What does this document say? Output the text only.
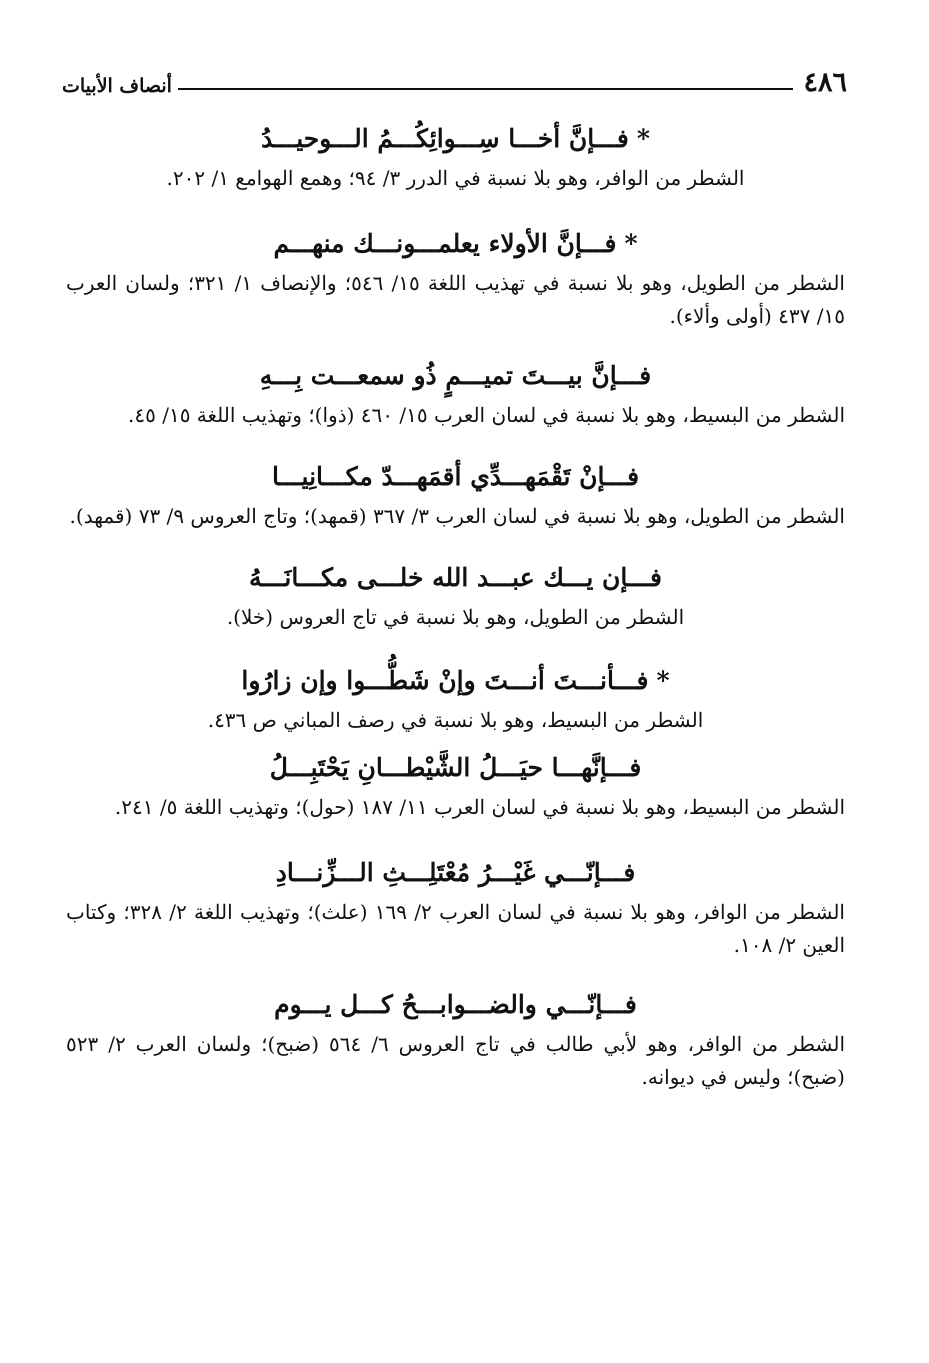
٤٨٦
أنصاف الأبيات

*فـــإنَّ أخـــا سِـــوائِكُـــمُ الـــوحيـــدُ

الشطر من الوافر، وهو بلا نسبة في الدرر ٣/ ٩٤؛ وهمع الهوامع ١/ ٢٠٢.

*فـــإنَّ الأولاء يعلمـــونـــك منهـــم

الشطر من الطويل، وهو بلا نسبة في تهذيب اللغة ١٥/ ٥٤٦؛ والإنصاف ١/ ٣٢١؛ ولسان العرب ١٥/ ٤٣٧ (أولى وألاء).

فـــإنَّ بيـــتَ تميـــمٍ ذُو سمعـــت بِـــهِ

الشطر من البسيط، وهو بلا نسبة في لسان العرب ١٥/ ٤٦٠ (ذوا)؛ وتهذيب اللغة ١٥/ ٤٥.

فـــإنْ تَقْمَهـــدِّي أقمَهـــدّ مكـــانِيـــا

الشطر من الطويل، وهو بلا نسبة في لسان العرب ٣/ ٣٦٧ (قمهد)؛ وتاج العروس ٩/ ٧٣ (قمهد).

فـــإن يـــك عبـــد الله خلـــى مكـــانَـــهُ

الشطر من الطويل، وهو بلا نسبة في تاج العروس (خلا).

*فـــأنـــتَ أنـــتَ وإنْ شَطُّـــوا وإن زارُوا

الشطر من البسيط، وهو بلا نسبة في رصف المباني ص ٤٣٦.

فـــإنَّهـــا حيَـــلُ الشَّيْطـــانِ يَحْتَبِـــلُ

الشطر من البسيط، وهو بلا نسبة في لسان العرب ١١/ ١٨٧ (حول)؛ وتهذيب اللغة ٥/ ٢٤١.

فـــإنّـــي غَيْـــرُ مُعْتَلِـــثِ الـــزِّنـــادِ

الشطر من الوافر، وهو بلا نسبة في لسان العرب ٢/ ١٦٩ (علث)؛ وتهذيب اللغة ٢/ ٣٢٨؛ وكتاب العين ٢/ ١٠٨.

فـــإنّـــي والضـــوابـــحُ كـــل يـــوم

الشطر من الوافر، وهو لأبي طالب في تاج العروس ٦/ ٥٦٤ (ضبح)؛ ولسان العرب ٢/ ٥٢٣ (ضبح)؛ وليس في ديوانه.
